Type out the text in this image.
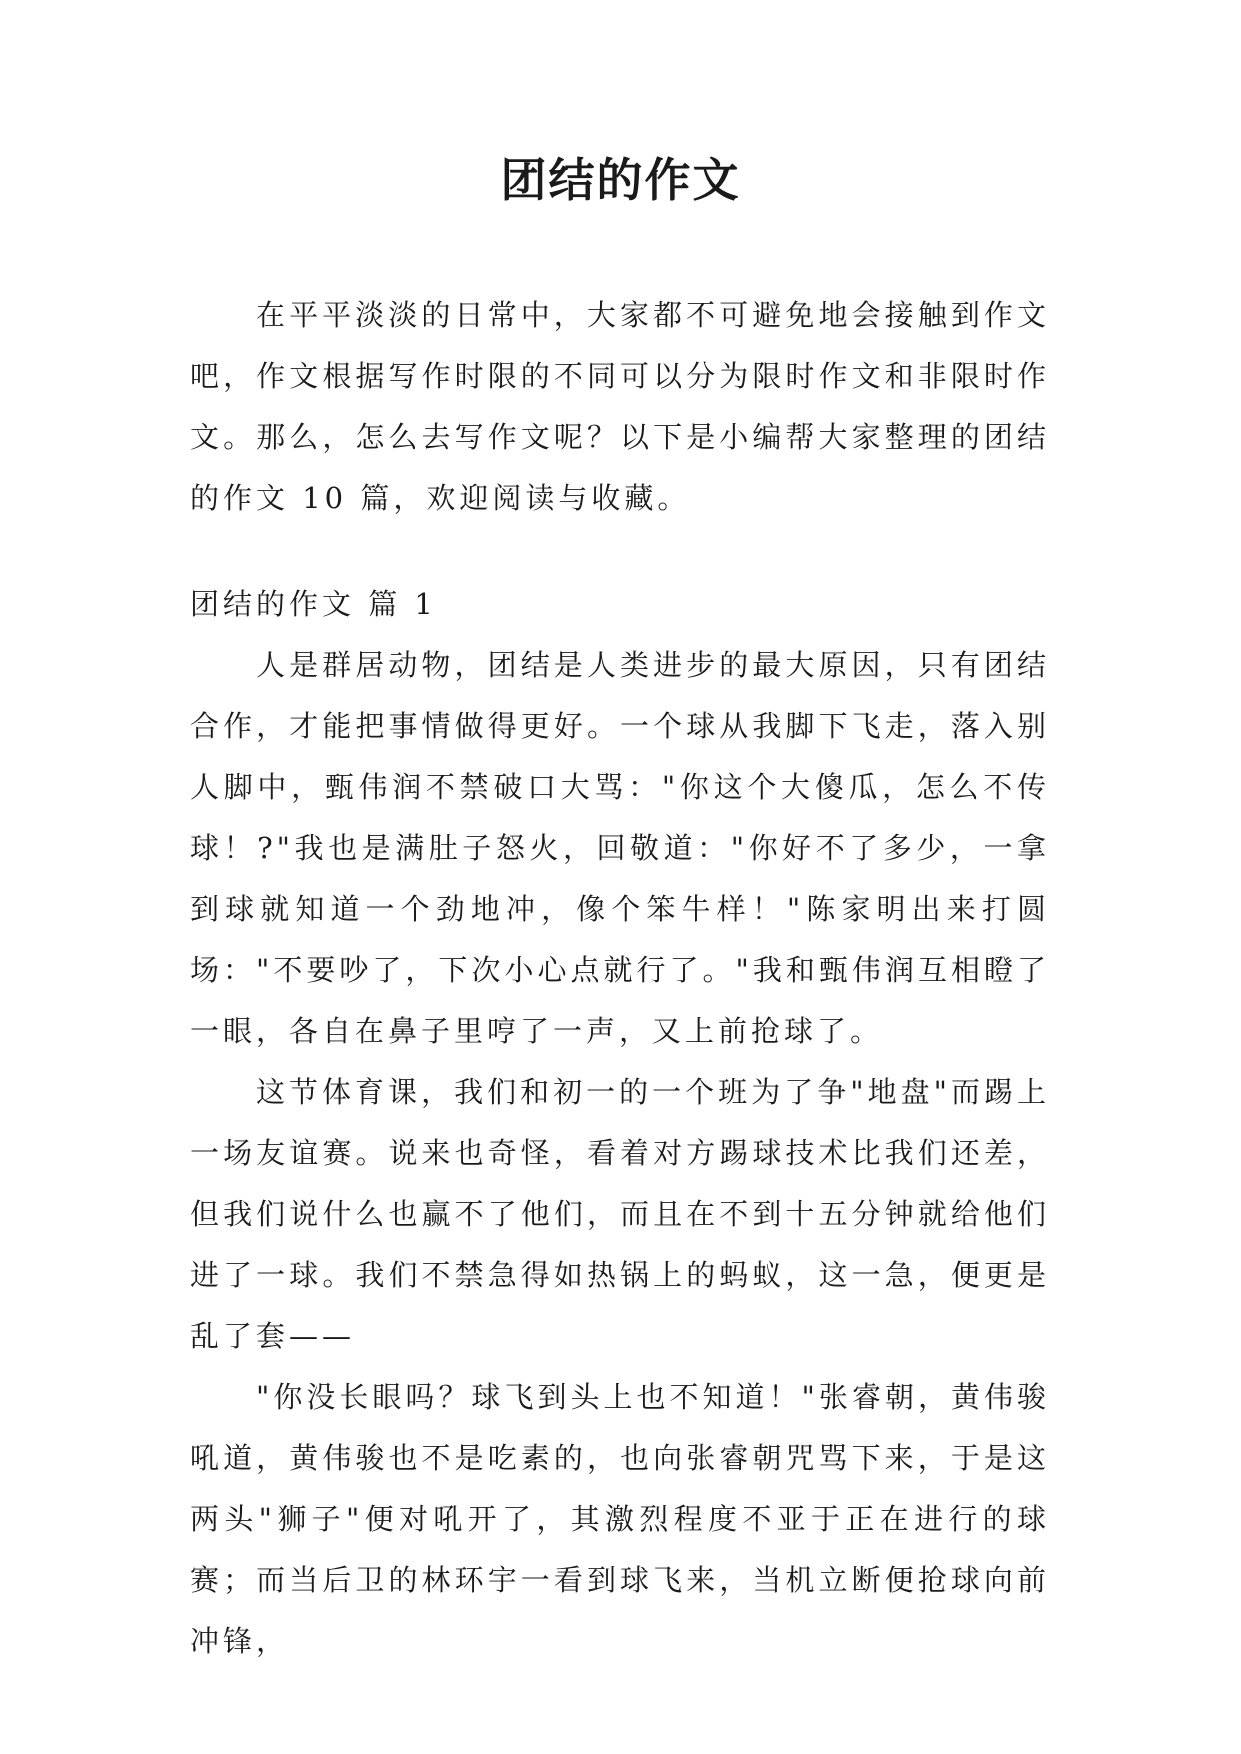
团结的作文

在平平淡淡的日常中，大家都不可避免地会接触到作文吧，作文根据写作时限的不同可以分为限时作文和非限时作文。那么，怎么去写作文呢？以下是小编帮大家整理的团结的作文 10 篇，欢迎阅读与收藏。

团结的作文 篇 1

人是群居动物，团结是人类进步的最大原因，只有团结合作，才能把事情做得更好。一个球从我脚下飞走，落入别人脚中，甄伟润不禁破口大骂："你这个大傻瓜，怎么不传球！?"我也是满肚子怒火，回敬道："你好不了多少，一拿到球就知道一个劲地冲，像个笨牛样！"陈家明出来打圆场："不要吵了，下次小心点就行了。"我和甄伟润互相瞪了一眼，各自在鼻子里哼了一声，又上前抢球了。

这节体育课，我们和初一的一个班为了争"地盘"而踢上一场友谊赛。说来也奇怪，看着对方踢球技术比我们还差，但我们说什么也赢不了他们，而且在不到十五分钟就给他们进了一球。我们不禁急得如热锅上的蚂蚁，这一急，便更是乱了套——

"你没长眼吗？球飞到头上也不知道！"张睿朝，黄伟骏吼道，黄伟骏也不是吃素的，也向张睿朝咒骂下来，于是这两头"狮子"便对吼开了，其激烈程度不亚于正在进行的球赛；而当后卫的林环宇一看到球飞来，当机立断便抢球向前冲锋，
